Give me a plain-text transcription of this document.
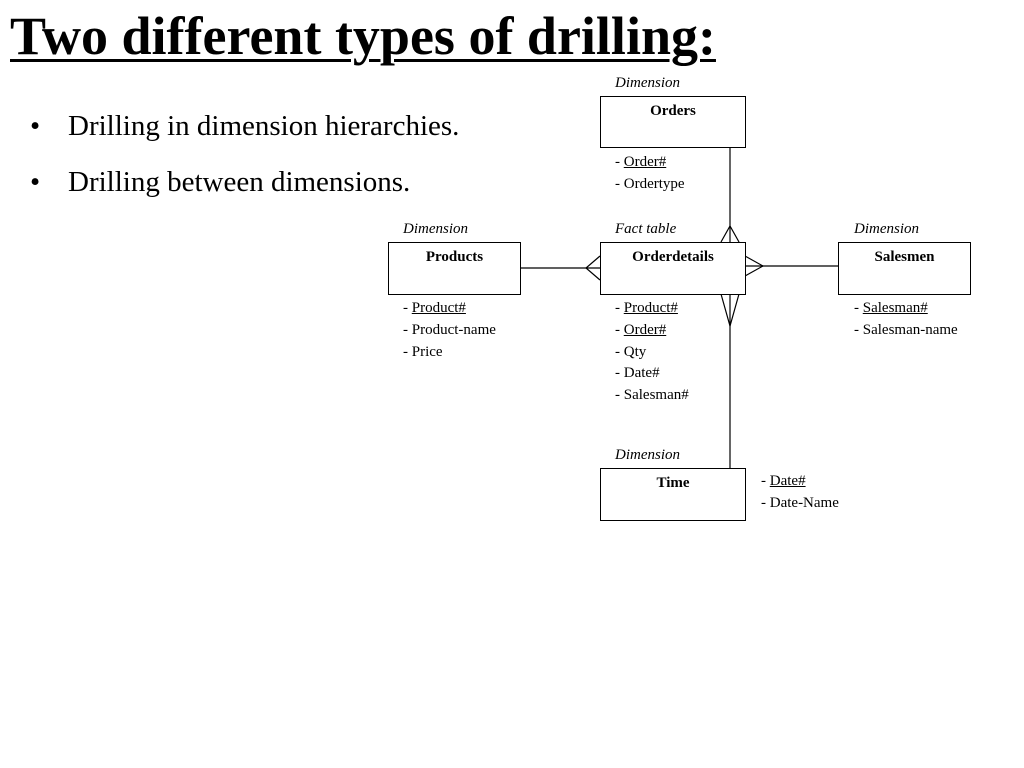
Two different types of drilling:
• Drilling in dimension hierarchies.
• Drilling between dimensions.
Dimension
Orders
- Order#
- Ordertype
Dimension
Products
- Product#
- Product-name
- Price
Fact table
Orderdetails
- Product#
- Order#
- Qty
- Date#
- Salesman#
Dimension
Salesmen
- Salesman#
- Salesman-name
Dimension
Time	- Date#
- Date-Name
